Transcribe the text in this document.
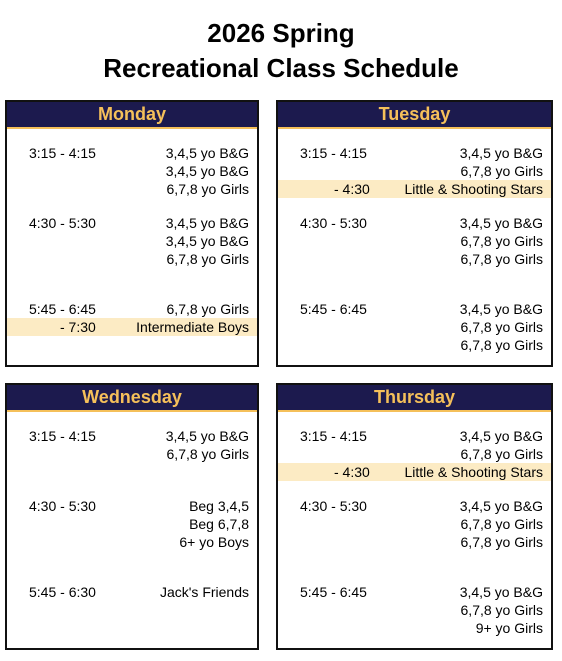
2026 Spring
Recreational Class Schedule
Monday
3:15 - 4:15	3,4,5 yo B&G
3,4,5 yo B&G
6,7,8 yo Girls
4:30 - 5:30	3,4,5 yo B&G
3,4,5 yo B&G
6,7,8 yo Girls
5:45 - 6:45	6,7,8 yo Girls
- 7:30	Intermediate Boys
Tuesday
3:15 - 4:15	3,4,5 yo B&G
6,7,8 yo Girls
- 4:30 Little & Shooting Stars
4:30 - 5:30	3,4,5 yo B&G
6,7,8 yo Girls
6,7,8 yo Girls
5:45 - 6:45	3,4,5 yo B&G
6,7,8 yo Girls
6,7,8 yo Girls
Wednesday
3:15 - 4:15	3,4,5 yo B&G
6,7,8 yo Girls
4:30 - 5:30	Beg 3,4,5
Beg 6,7,8
6+ yo Boys
5:45 - 6:30	Jack's Friends
Thursday
3:15 - 4:15	3,4,5 yo B&G
6,7,8 yo Girls
- 4:30 Little & Shooting Stars
4:30 - 5:30	3,4,5 yo B&G
6,7,8 yo Girls
6,7,8 yo Girls
5:45 - 6:45	3,4,5 yo B&G
6,7,8 yo Girls
9+ yo Girls
